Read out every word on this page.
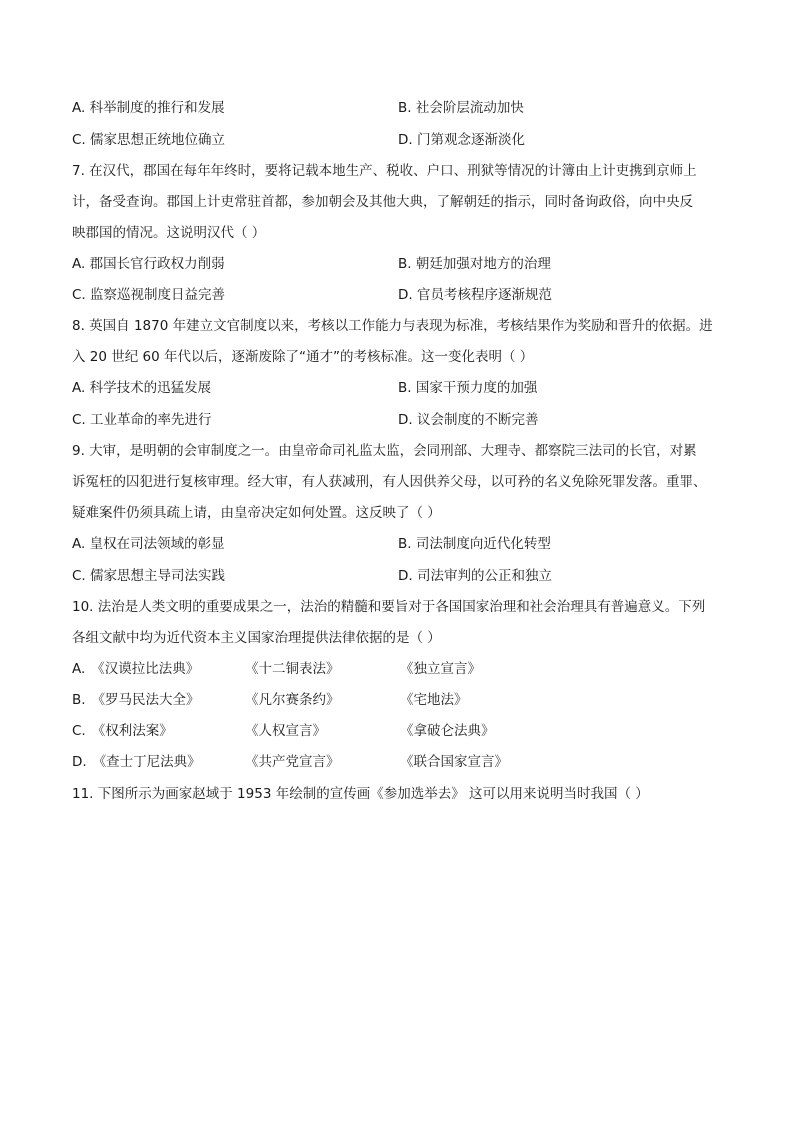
A. 科举制度的推行和发展	B. 社会阶层流动加快
C. 儒家思想正统地位确立	D. 门第观念逐渐淡化
7. 在汉代，郡国在每年年终时，要将记载本地生产、税收、户口、刑狱等情况的计簿由上计吏携到京师上
计，备受查询。郡国上计吏常驻首都，参加朝会及其他大典，了解朝廷的指示，同时备询政俗，向中央反
映郡国的情况。这说明汉代（ ）
A. 郡国长官行政权力削弱	B. 朝廷加强对地方的治理
C. 监察巡视制度日益完善	D. 官员考核程序逐渐规范
8. 英国自 1870 年建立文官制度以来，考核以工作能力与表现为标准，考核结果作为奖励和晋升的依据。进
入 20 世纪 60 年代以后，逐渐废除了“通才”的考核标准。这一变化表明（ ）
A. 科学技术的迅猛发展	B. 国家干预力度的加强
C. 工业革命的率先进行	D. 议会制度的不断完善
9. 大审，是明朝的会审制度之一。由皇帝命司礼监太监，会同刑部、大理寺、都察院三法司的长官，对累
诉冤枉的囚犯进行复核审理。经大审，有人获减刑，有人因供养父母，以可矜的名义免除死罪发落。重罪、
疑难案件仍须具疏上请，由皇帝决定如何处置。这反映了（ ）
A. 皇权在司法领域的彰显	B. 司法制度向近代化转型
C. 儒家思想主导司法实践	D. 司法审判的公正和独立
10. 法治是人类文明的重要成果之一，法治的精髓和要旨对于各国国家治理和社会治理具有普遍意义。下列
各组文献中均为近代资本主义国家治理提供法律依据的是（ ）
A. 《汉谟拉比法典》	《十二铜表法》	《独立宣言》
B. 《罗马民法大全》	《凡尔赛条约》	《宅地法》
C. 《权利法案》	《人权宣言》	《拿破仑法典》
D. 《查士丁尼法典》	《共产党宣言》	《联合国家宣言》
11. 下图所示为画家赵域于 1953 年绘制的宣传画《参加选举去》 这可以用来说明当时我国（ ）
